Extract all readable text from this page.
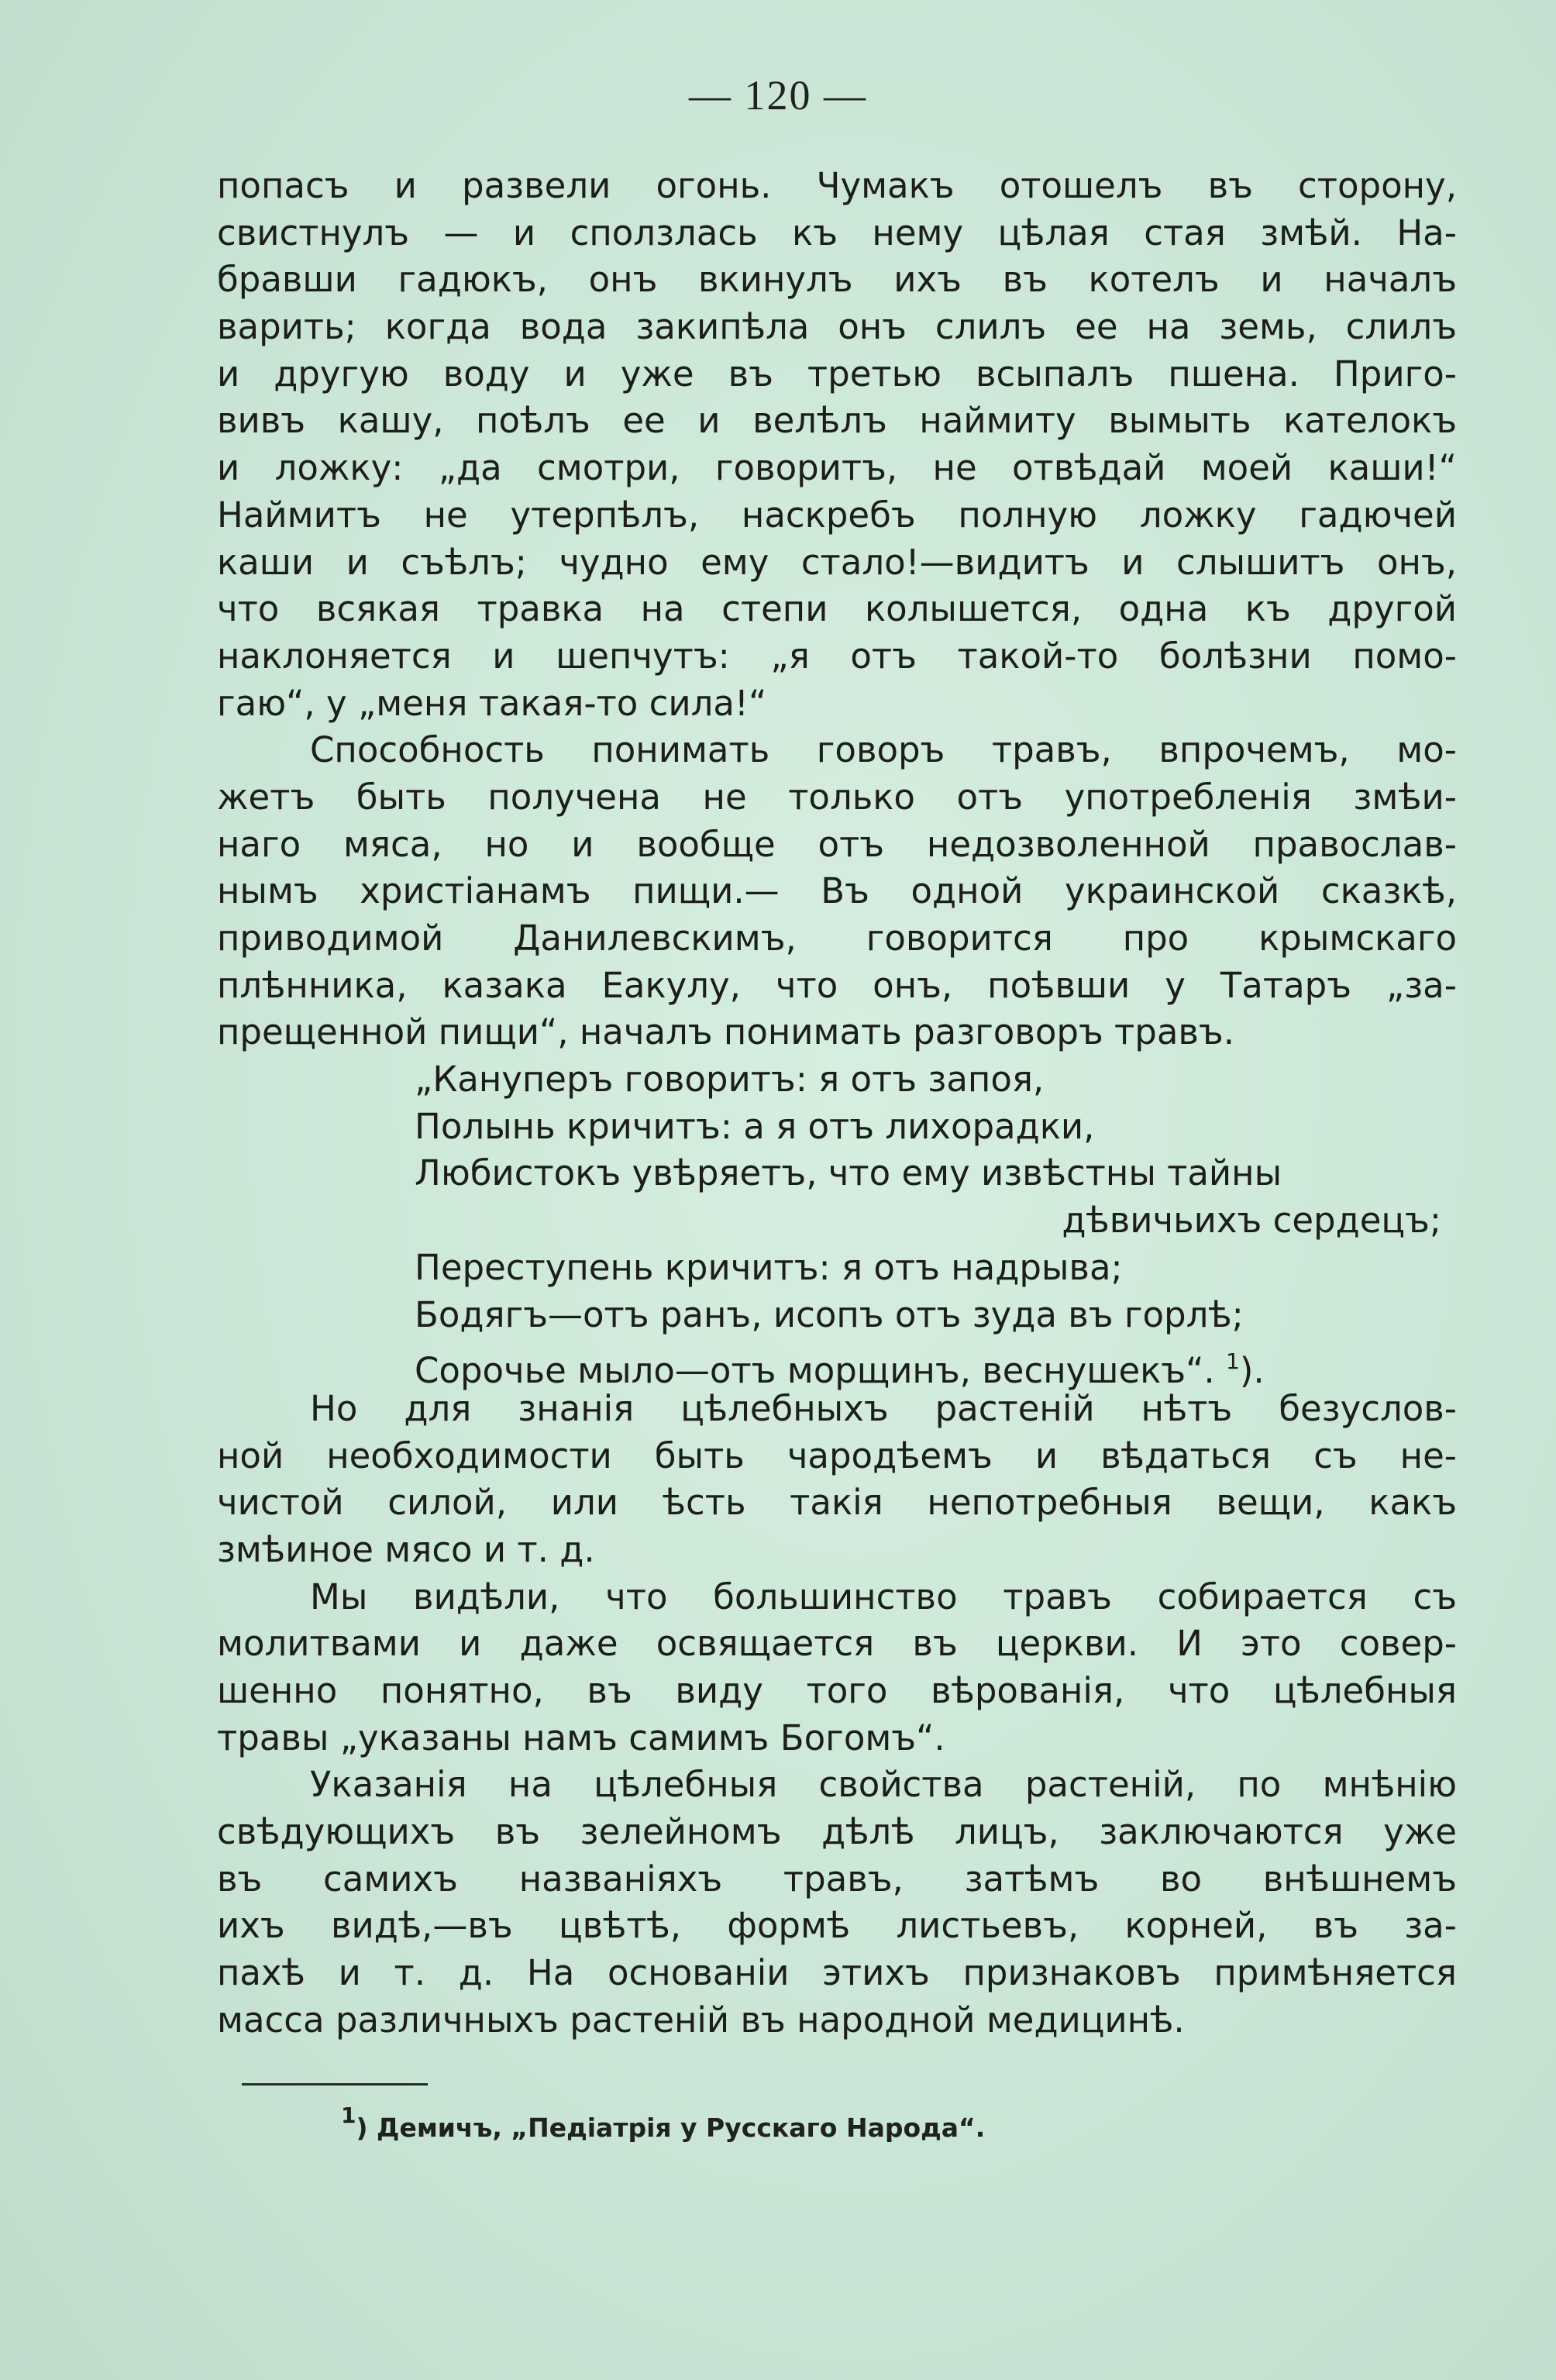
— 120 —
попасъ и развели огонь. Чумакъ отошелъ въ сторону,
свистнулъ — и сползлась къ нему цѣлая стая змѣй. На-
бравши гадюкъ, онъ вкинулъ ихъ въ котелъ и началъ
варить; когда вода закипѣла онъ слилъ ее на земь, слилъ
и другую воду и уже въ третью всыпалъ пшена. Приго-
вивъ кашу, поѣлъ ее и велѣлъ наймиту вымыть кателокъ
и ложку: „да смотри, говоритъ, не отвѣдай моей каши!“
Наймитъ не утерпѣлъ, наскребъ полную ложку гадючей
каши и съѣлъ; чудно ему стало!—видитъ и слышитъ онъ,
что всякая травка на степи колышется, одна къ другой
наклоняется и шепчутъ: „я отъ такой-то болѣзни помо-
гаю“, у „меня такая-то сила!“
Способность понимать говоръ травъ, впрочемъ, мо-
жетъ быть получена не только отъ употребленія змѣи-
наго мяса, но и вообще отъ недозволенной православ-
нымъ христіанамъ пищи.— Въ одной украинской сказкѣ,
приводимой Данилевскимъ, говорится про крымскаго
плѣнника, казака Еакулу, что онъ, поѣвши у Татаръ „за-
прещенной пищи“, началъ понимать разговоръ травъ.
„Кануперъ говоритъ: я отъ запоя,
Полынь кричитъ: а я отъ лихорадки,
Любистокъ увѣряетъ, что ему извѣстны тайны
дѣвичьихъ сердецъ;
Переступень кричитъ: я отъ надрыва;
Бодягъ—отъ ранъ, исопъ отъ зуда въ горлѣ;
Сорочье мыло—отъ морщинъ, веснушекъ“. $^1$).
Но для знанія цѣлебныхъ растеній нѣтъ безуслов-
ной необходимости быть чародѣемъ и вѣдаться съ не-
чистой силой, или ѣсть такія непотребныя вещи, какъ
змѣиное мясо и т. д.
Мы видѣли, что большинство травъ собирается съ
молитвами и даже освящается въ церкви. И это совер-
шенно понятно, въ виду того вѣрованія, что цѣлебныя
травы „указаны намъ самимъ Богомъ“.
Указанія на цѣлебныя свойства растеній, по мнѣнію
свѣдующихъ въ зелейномъ дѣлѣ лицъ, заключаются уже
въ самихъ названіяхъ травъ, затѣмъ во внѣшнемъ
ихъ видѣ,—въ цвѣтѣ, формѣ листьевъ, корней, въ за-
пахѣ и т. д. На основаніи этихъ признаковъ примѣняется
масса различныхъ растеній въ народной медицинѣ.
$^1$) Демичъ, „Педіатрія у Русскаго Народа“.
